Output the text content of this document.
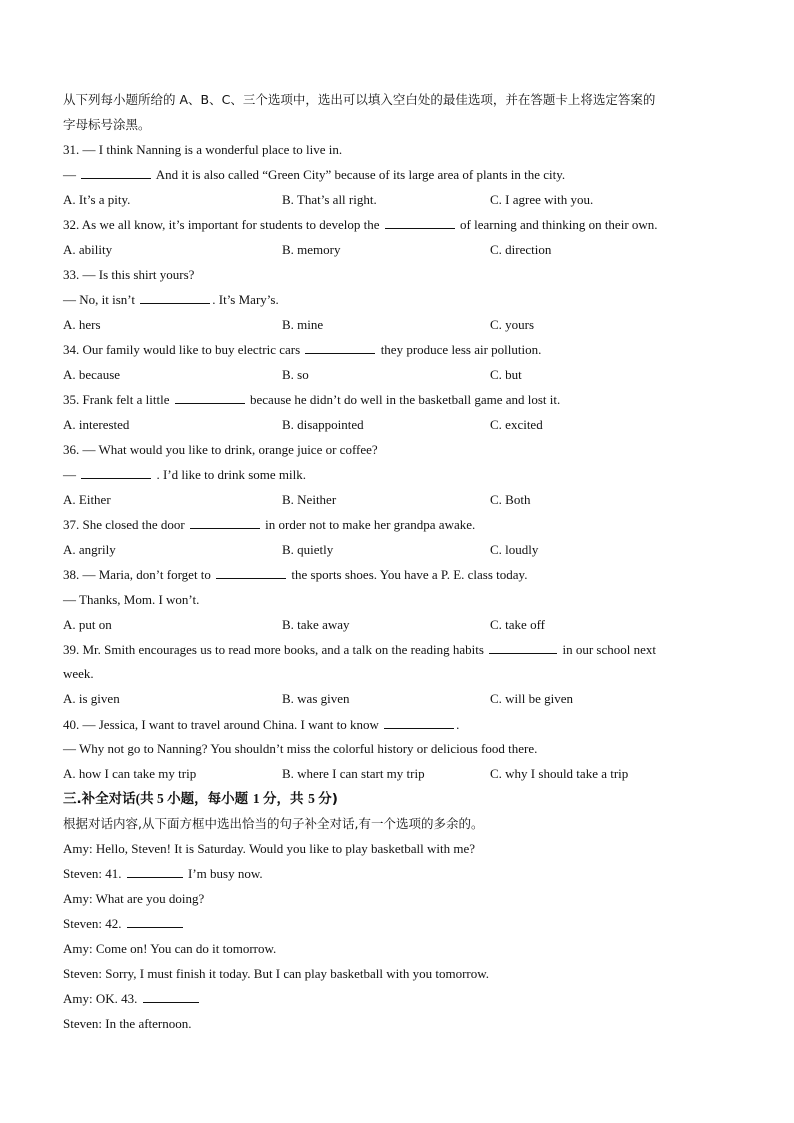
从下列每小题所给的 A、B、C、三个选项中，选出可以填入空白处的最佳选项，并在答题卡上将选定答案的
字母标号涂黑。
31. — I think Nanning is a wonderful place to live in.
—	And it is also called “Green City” because of its large area of plants in the city.
A. It’s a pity.	B. That’s all right.	C. I agree with you.
32. As we all know, it’s important for students to develop the	of learning and thinking on their own.
A. ability	B. memory	C. direction
33. — Is this shirt yours?
— No, it isn’t	. It’s Mary’s.
A. hers	B. mine	C. yours
34. Our family would like to buy electric cars	they produce less air pollution.
A. because	B. so	C. but
35. Frank felt a little	because he didn’t do well in the basketball game and lost it.
A. interested	B. disappointed	C. excited
36. — What would you like to drink, orange juice or coffee?
—	. I’d like to drink some milk.
A. Either	B. Neither	C. Both
37. She closed the door	in order not to make her grandpa awake.
A. angrily	B. quietly	C. loudly
38. — Maria, don’t forget to	the sports shoes. You have a P. E. class today.
— Thanks, Mom. I won’t.
A. put on	B. take away	C. take off
39. Mr. Smith encourages us to read more books, and a talk on the reading habits	in our school next
week.
A. is given	B. was given	C. will be given
40. — Jessica, I want to travel around China. I want to know	.
— Why not go to Nanning? You shouldn’t miss the colorful history or delicious food there.
A. how I can take my trip	B. where I can start my trip	C. why I should take a trip
三.补全对话(共 5 小题，每小题 1 分，共 5 分)
根据对话内容,从下面方框中选出恰当的句子补全对话,有一个选项的多余的。
Amy: Hello, Steven! It is Saturday. Would you like to play basketball with me?
Steven: 41.	I’m busy now.
Amy: What are you doing?
Steven: 42.
Amy: Come on! You can do it tomorrow.
Steven: Sorry, I must finish it today. But I can play basketball with you tomorrow.
Amy: OK. 43.
Steven: In the afternoon.
